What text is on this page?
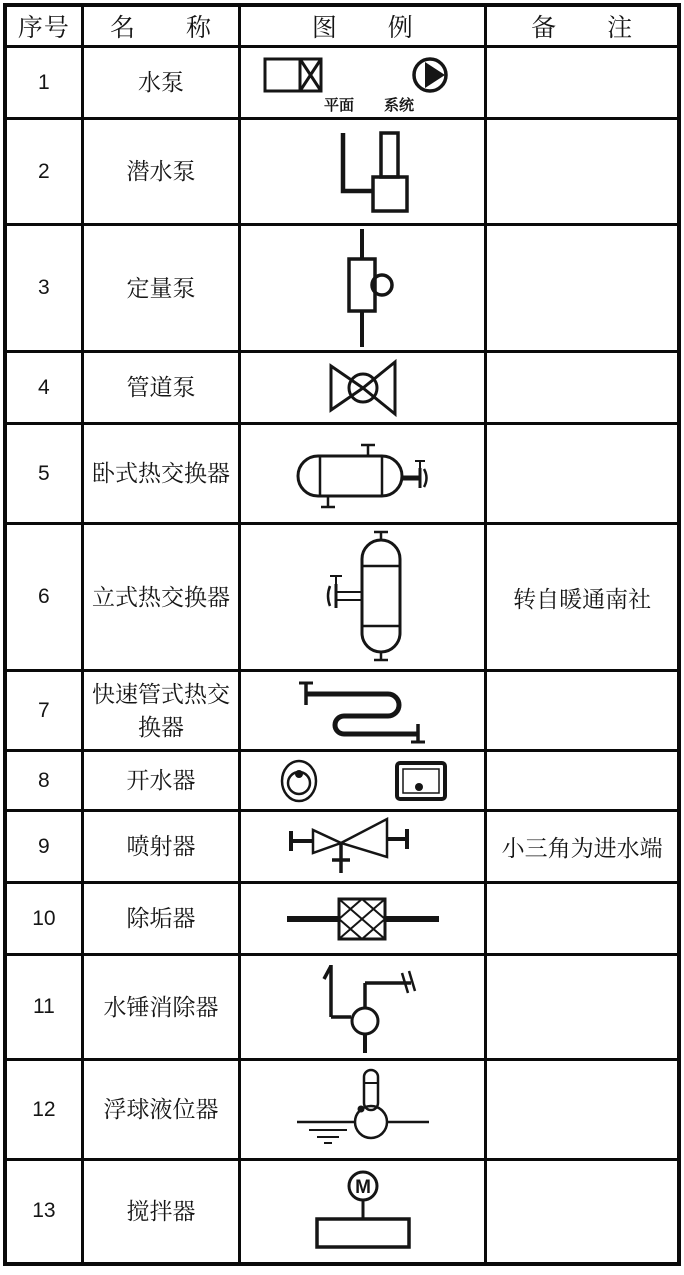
序号	名 称	图 例	备 注
1	水泵	平面 系统	

2	潜水泵	

3	定量泵	

4	管道泵	

5	卧式热交换器	

6	立式热交换器		转自暖通南社
7	快速管式热交换器	

8	开水器	

9	喷射器		小三角为进水端
10	除垢器	

11	水锤消除器	

12	浮球液位器	

13	搅拌器	M	
